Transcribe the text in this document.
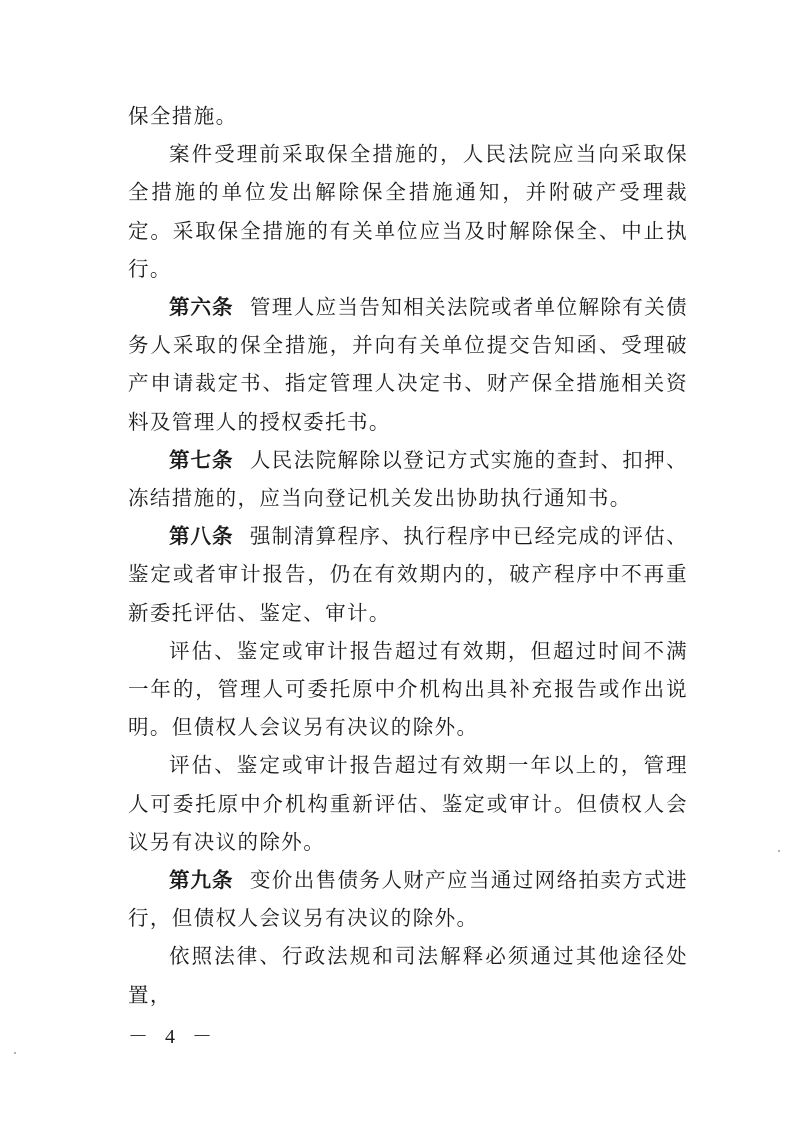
保全措施。

案件受理前采取保全措施的，人民法院应当向采取保全措施的单位发出解除保全措施通知，并附破产受理裁定。采取保全措施的有关单位应当及时解除保全、中止执行。

第六条 管理人应当告知相关法院或者单位解除有关债务人采取的保全措施，并向有关单位提交告知函、受理破产申请裁定书、指定管理人决定书、财产保全措施相关资料及管理人的授权委托书。

第七条 人民法院解除以登记方式实施的查封、扣押、冻结措施的，应当向登记机关发出协助执行通知书。

第八条 强制清算程序、执行程序中已经完成的评估、鉴定或者审计报告，仍在有效期内的，破产程序中不再重新委托评估、鉴定、审计。

评估、鉴定或审计报告超过有效期，但超过时间不满一年的，管理人可委托原中介机构出具补充报告或作出说明。但债权人会议另有决议的除外。

评估、鉴定或审计报告超过有效期一年以上的，管理人可委托原中介机构重新评估、鉴定或审计。但债权人会议另有决议的除外。

第九条 变价出售债务人财产应当通过网络拍卖方式进行，但债权人会议另有决议的除外。

依照法律、行政法规和司法解释必须通过其他途径处置，

－ 4 －
